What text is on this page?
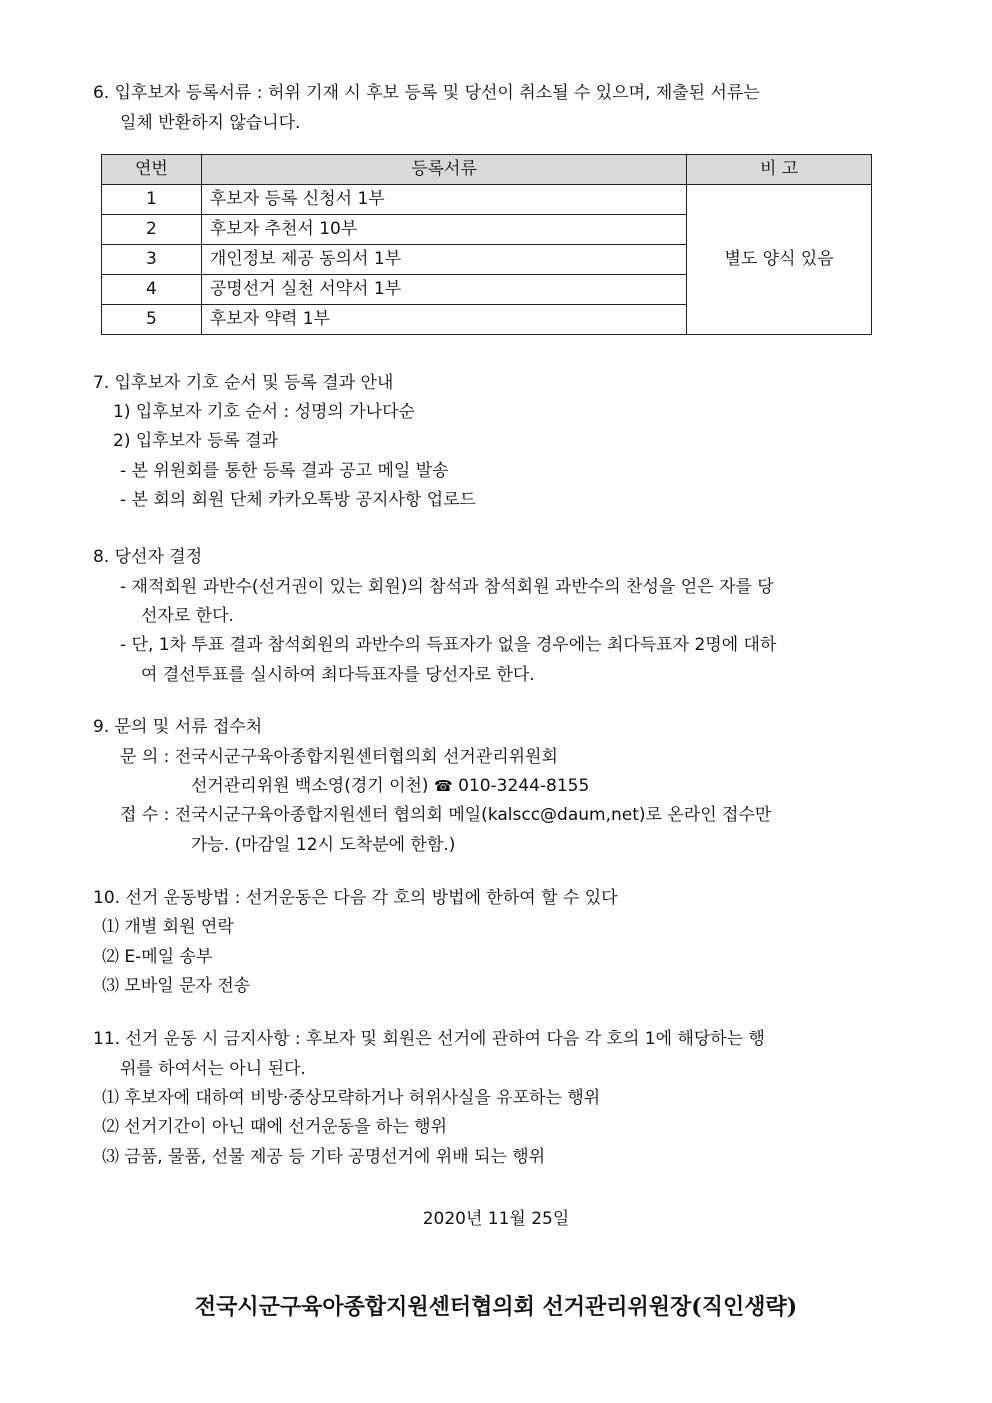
6. 입후보자 등록서류 : 허위 기재 시 후보 등록 및 당선이 취소될 수 있으며, 제출된 서류는
일체 반환하지 않습니다.
연번	등록서류	비 고
1	후보자 등록 신청서 1부	별도 양식 있음
2	후보자 추천서 10부	
3	개인정보 제공 동의서 1부	
4	공명선거 실천 서약서 1부	
5	후보자 약력 1부	
7. 입후보자 기호 순서 및 등록 결과 안내
1) 입후보자 기호 순서 : 성명의 가나다순
2) 입후보자 등록 결과
- 본 위원회를 통한 등록 결과 공고 메일 발송
- 본 회의 회원 단체 카카오톡방 공지사항 업로드
8. 당선자 결정
- 재적회원 과반수(선거권이 있는 회원)의 참석과 참석회원 과반수의 찬성을 얻은 자를 당
선자로 한다.
- 단, 1차 투표 결과 참석회원의 과반수의 득표자가 없을 경우에는 최다득표자 2명에 대하
여 결선투표를 실시하여 최다득표자를 당선자로 한다.
9. 문의 및 서류 접수처
문 의 : 전국시군구육아종합지원센터협의회 선거관리위원회
선거관리위원 백소영(경기 이천) ☎ 010-3244-8155
접 수 : 전국시군구육아종합지원센터 협의회 메일(kalscc@daum,net)로 온라인 접수만
가능. (마감일 12시 도착분에 한함.)
10. 선거 운동방법 : 선거운동은 다음 각 호의 방법에 한하여 할 수 있다
⑴ 개별 회원 연락
⑵ E-메일 송부
⑶ 모바일 문자 전송
11. 선거 운동 시 금지사항 : 후보자 및 회원은 선거에 관하여 다음 각 호의 1에 해당하는 행
위를 하여서는 아니 된다.
⑴ 후보자에 대하여 비방·중상모략하거나 허위사실을 유포하는 행위
⑵ 선거기간이 아닌 때에 선거운동을 하는 행위
⑶ 금품, 물품, 선물 제공 등 기타 공명선거에 위배 되는 행위
2020년 11월 25일
전국시군구육아종합지원센터협의회 선거관리위원장(직인생략)
